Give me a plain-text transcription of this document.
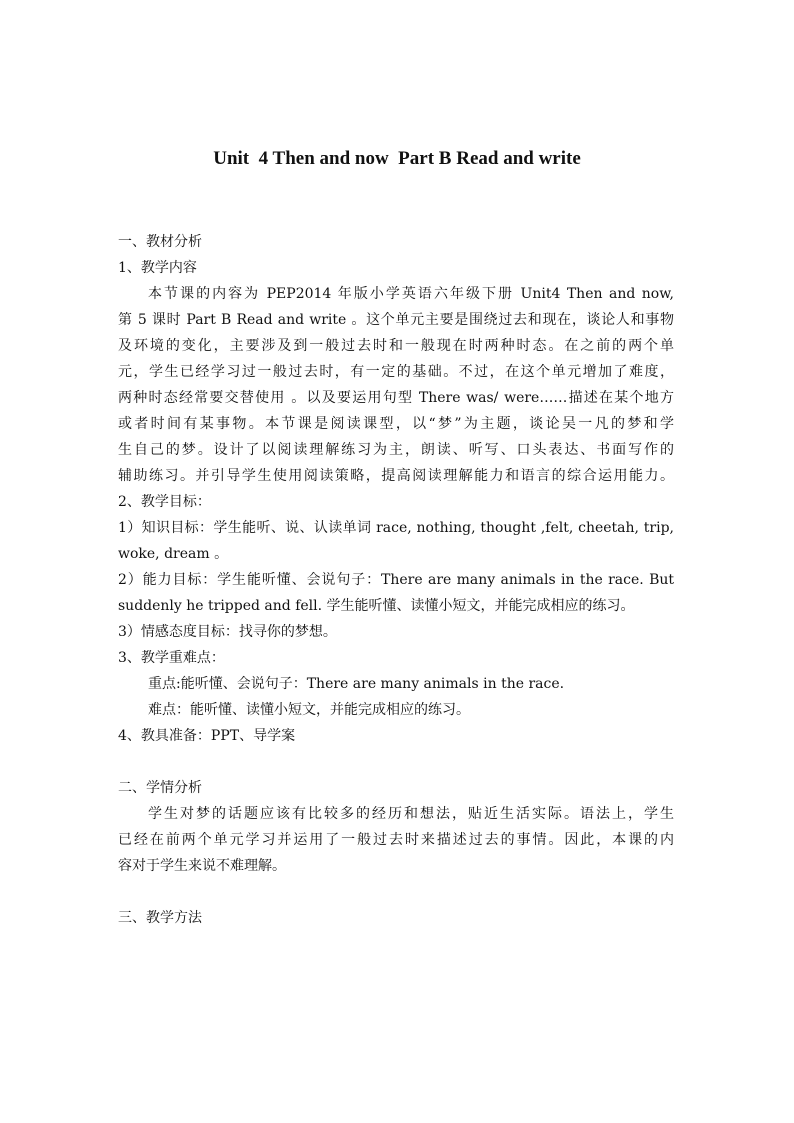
Unit  4 Then and now  Part B Read and write
一、教材分析
1、教学内容
本节课的内容为 PEP2014 年版小学英语六年级下册 Unit4 Then and now,
第 5 课时 Part B Read and write 。这个单元主要是围绕过去和现在，谈论人和事物
及环境的变化，主要涉及到一般过去时和一般现在时两种时态。在之前的两个单
元，学生已经学习过一般过去时，有一定的基础。不过，在这个单元增加了难度，
两种时态经常要交替使用 。以及要运用句型 There was/ were……描述在某个地方
或者时间有某事物。本节课是阅读课型，以“梦”为主题，谈论吴一凡的梦和学
生自己的梦。设计了以阅读理解练习为主，朗读、听写、口头表达、书面写作的
辅助练习。并引导学生使用阅读策略，提高阅读理解能力和语言的综合运用能力。
2、教学目标：
1）知识目标：学生能听、说、认读单词 race, nothing, thought ,felt, cheetah, trip,
woke, dream 。
2）能力目标：学生能听懂、会说句子：There are many animals in the race. But
suddenly he tripped and fell. 学生能听懂、读懂小短文，并能完成相应的练习。
3）情感态度目标：找寻你的梦想。
3、教学重难点：
重点:能听懂、会说句子：There are many animals in the race.
难点：能听懂、读懂小短文，并能完成相应的练习。
4、教具准备：PPT、导学案
二、学情分析
学生对梦的话题应该有比较多的经历和想法，贴近生活实际。语法上，学生
已经在前两个单元学习并运用了一般过去时来描述过去的事情。因此，本课的内
容对于学生来说不难理解。
三、教学方法
